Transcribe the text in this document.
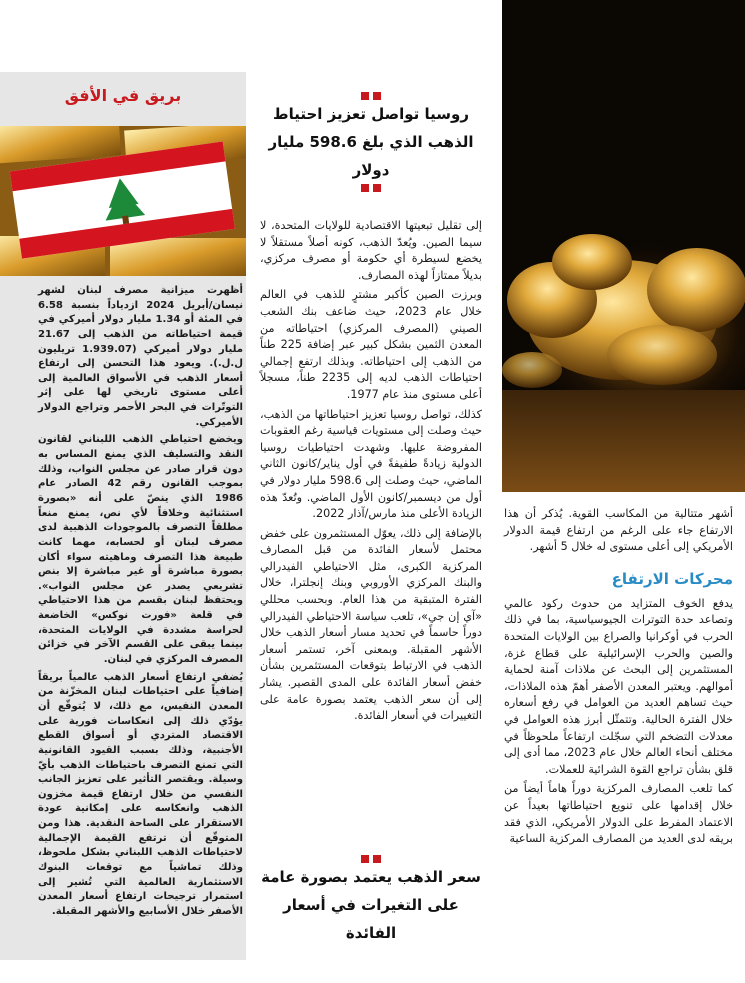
بريق في الأفق

أظهرت ميزانية مصرف لبنان لشهر نيسان/أبريل 2024 ازدياداً بنسبة 6.58 في المئة أو 1.34 مليار دولار أميركي في قيمة احتياطاته من الذهب إلى 21.67 مليار دولار أميركي (1.939.07 تريليون ل.ل.). ويعود هذا التحسن إلى ارتفاع أسعار الذهب في الأسواق العالمية إلى أعلى مستوى تاريخي لها على إثر التوتّرات في البحر الأحمر وتراجع الدولار الأميركي.

ويخضع احتياطي الذهب اللبناني لقانون النقد والتسليف الذي يمنع المساس به دون قرار صادر عن مجلس النواب، وذلك بموجب القانون رقم 42 الصادر عام 1986 الذي ينصّ على أنه «بصورة استثنائية وخلافاً لأي نص، يمنع منعاً مطلقاً التصرف بالموجودات الذهبية لدى مصرف لبنان أو لحسابه، مهما كانت طبيعة هذا التصرف وماهيته سواء أكان بصورة مباشرة أو غير مباشرة إلا بنص تشريعي يصدر عن مجلس النواب». ويحتفظ لبنان بقسم من هذا الاحتياطي في قلعة «فورت نوكس» الخاضعة لحراسة مشددة في الولايات المتحدة، بينما يبقى على القسم الآخر في خزائن المصرف المركزي في لبنان.

يُضفي ارتفاع أسعار الذهب عالمياً بريقاً إضافياً على احتياطات لبنان المخزّنة من المعدن النفيس، مع ذلك، لا يُتوقّع أن يؤدّي ذلك إلى انعكاسات فورية على الاقتصاد المتردي أو أسواق القطع الأجنبية، وذلك بسبب القيود القانونية التي تمنع التصرف باحتياطات الذهب بأيّ وسيلة. ويقتصر التأثير على تعزيز الجانب النفسي من خلال ارتفاع قيمة مخزون الذهب وانعكاسه على إمكانية عودة الاستقرار على الساحة النقدية. هذا ومن المتوقّع أن ترتفع القيمة الإجمالية لاحتياطات الذهب اللبناني بشكل ملحوظ، وذلك تماشياً مع توقعات البنوك الاستثمارية العالمية التي تُشير إلى استمرار ترجيحات ارتفاع أسعار المعدن الأصفر خلال الأسابيع والأشهر المقبلة.

روسيا تواصل تعزيز احتياط الذهب الذي بلغ 598.6 مليار دولار

إلى تقليل تبعيتها الاقتصادية للولايات المتحدة، لا سيما الصين. ويُعدّ الذهب، كونه أصلاً مستقلاً لا يخضع لسيطرة أي حكومة أو مصرف مركزي، بديلاً ممتازاً لهذه المصارف.

وبرزت الصين كأكبر مشترٍ للذهب في العالم خلال عام 2023، حيث ضاعف بنك الشعب الصيني (المصرف المركزي) احتياطاته من المعدن الثمين بشكل كبير عبر إضافة 225 طناً من الذهب إلى احتياطاته. وبذلك ارتفع إجمالي احتياطات الذهب لديه إلى 2235 طناً، مسجلاً أعلى مستوى منذ عام 1977.

كذلك، تواصل روسيا تعزيز احتياطاتها من الذهب، حيث وصلت إلى مستويات قياسية رغم العقوبات المفروضة عليها. وشهدت احتياطيات روسيا الدولية زيادةً طفيفةً في أول يناير/كانون الثاني الماضي، حيث وصلت إلى 598.6 مليار دولار في أول من ديسمبر/كانون الأول الماضي. وتُعدّ هذه الزيادة الأعلى منذ مارس/آذار 2022.

بالإضافة إلى ذلك، يعوّل المستثمرون على خفض محتمل لأسعار الفائدة من قبل المصارف المركزية الكبرى، مثل الاحتياطي الفيدرالي والبنك المركزي الأوروبي وبنك إنجلترا، خلال الفترة المتبقية من هذا العام. وبحسب محللي «آي إن جي»، تلعب سياسة الاحتياطي الفيدرالي دوراً حاسماً في تحديد مسار أسعار الذهب خلال الأشهر المقبلة. وبمعنى آخر، تستمر أسعار الذهب في الارتباط بتوقعات المستثمرين بشأن خفض أسعار الفائدة على المدى القصير. يشار إلى أن سعر الذهب يعتمد بصورة عامة على التغييرات في أسعار الفائدة.

سعر الذهب يعتمد بصورة عامة على التغيرات في أسعار الفائدة

أشهر متتالية من المكاسب القوية. يُذكر أن هذا الارتفاع جاء على الرغم من ارتفاع قيمة الدولار الأمريكي إلى أعلى مستوى له خلال 5 أشهر.

محركات الارتفاع

يدفع الخوف المتزايد من حدوث ركود عالمي وتصاعد حدة التوترات الجيوسياسية، بما في ذلك الحرب في أوكرانيا والصراع بين الولايات المتحدة والصين والحرب الإسرائيلية على قطاع غزة، المستثمرين إلى البحث عن ملاذات آمنة لحماية أموالهم. ويعتبر المعدن الأصفر أهمّ هذه الملاذات، حيث تساهم العديد من العوامل في رفع أسعاره خلال الفترة الحالية. وتتمثّل أبرز هذه العوامل في معدلات التضخم التي سجّلت ارتفاعاً ملحوظاً في مختلف أنحاء العالم خلال عام 2023، مما أدى إلى قلق بشأن تراجع القوة الشرائية للعملات.

كما تلعب المصارف المركزية دوراً هاماً أيضاً من خلال إقدامها على تنويع احتياطاتها بعيداً عن الاعتماد المفرط على الدولار الأمريكي، الذي فقد بريقه لدى العديد من المصارف المركزية الساعية
